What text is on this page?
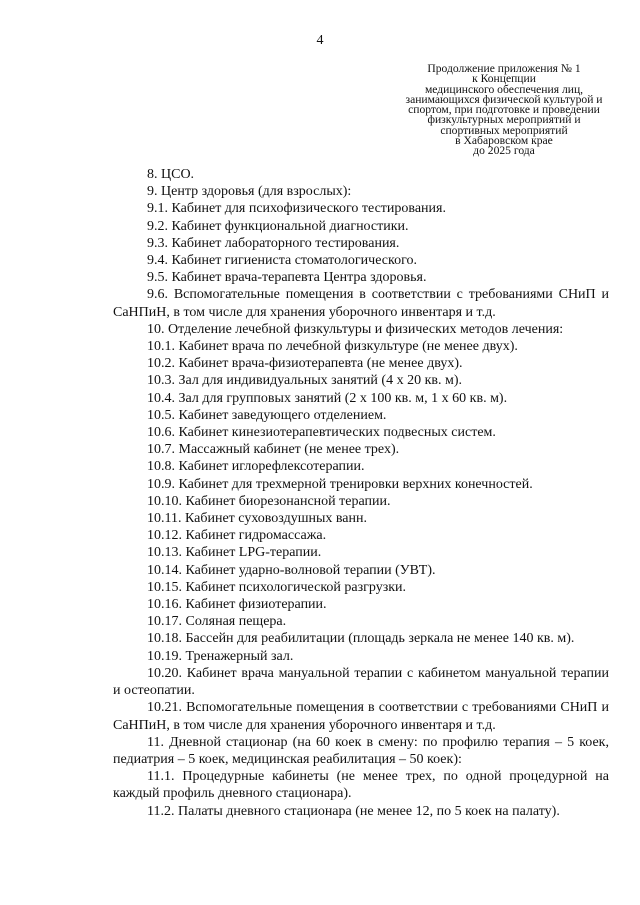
4
Продолжение приложения № 1
к Концепции
медицинского обеспечения лиц,
занимающихся физической культурой и
спортом, при подготовке и проведении
физкультурных мероприятий и
спортивных мероприятий
в Хабаровском крае
до 2025 года
8. ЦСО.
9. Центр здоровья (для взрослых):
9.1. Кабинет для психофизического тестирования.
9.2. Кабинет функциональной диагностики.
9.3. Кабинет лабораторного тестирования.
9.4. Кабинет гигиениста стоматологического.
9.5. Кабинет врача-терапевта Центра здоровья.
9.6. Вспомогательные помещения в соответствии с требованиями СНиП и СаНПиН, в том числе для хранения уборочного инвентаря и т.д.
10. Отделение лечебной физкультуры и физических методов лечения:
10.1. Кабинет врача по лечебной физкультуре (не менее двух).
10.2. Кабинет врача-физиотерапевта (не менее двух).
10.3. Зал для индивидуальных занятий (4 х 20 кв. м).
10.4. Зал для групповых занятий (2 х 100 кв. м, 1 х 60 кв. м).
10.5. Кабинет заведующего отделением.
10.6. Кабинет кинезиотерапевтических подвесных систем.
10.7. Массажный кабинет (не менее трех).
10.8. Кабинет иглорефлексотерапии.
10.9. Кабинет для трехмерной тренировки верхних конечностей.
10.10. Кабинет биорезонансной терапии.
10.11. Кабинет суховоздушных ванн.
10.12. Кабинет гидромассажа.
10.13. Кабинет LPG-терапии.
10.14. Кабинет ударно-волновой терапии (УВТ).
10.15. Кабинет психологической разгрузки.
10.16. Кабинет физиотерапии.
10.17. Соляная пещера.
10.18. Бассейн для реабилитации (площадь зеркала не менее 140 кв. м).
10.19. Тренажерный зал.
10.20. Кабинет врача мануальной терапии с кабинетом мануальной терапии и остеопатии.
10.21. Вспомогательные помещения в соответствии с требованиями СНиП и СаНПиН, в том числе для хранения уборочного инвентаря и т.д.
11. Дневной стационар (на 60 коек в смену: по профилю терапия – 5 коек, педиатрия – 5 коек, медицинская реабилитация – 50 коек):
11.1. Процедурные кабинеты (не менее трех, по одной процедурной на каждый профиль дневного стационара).
11.2. Палаты дневного стационара (не менее 12, по 5 коек на палату).
